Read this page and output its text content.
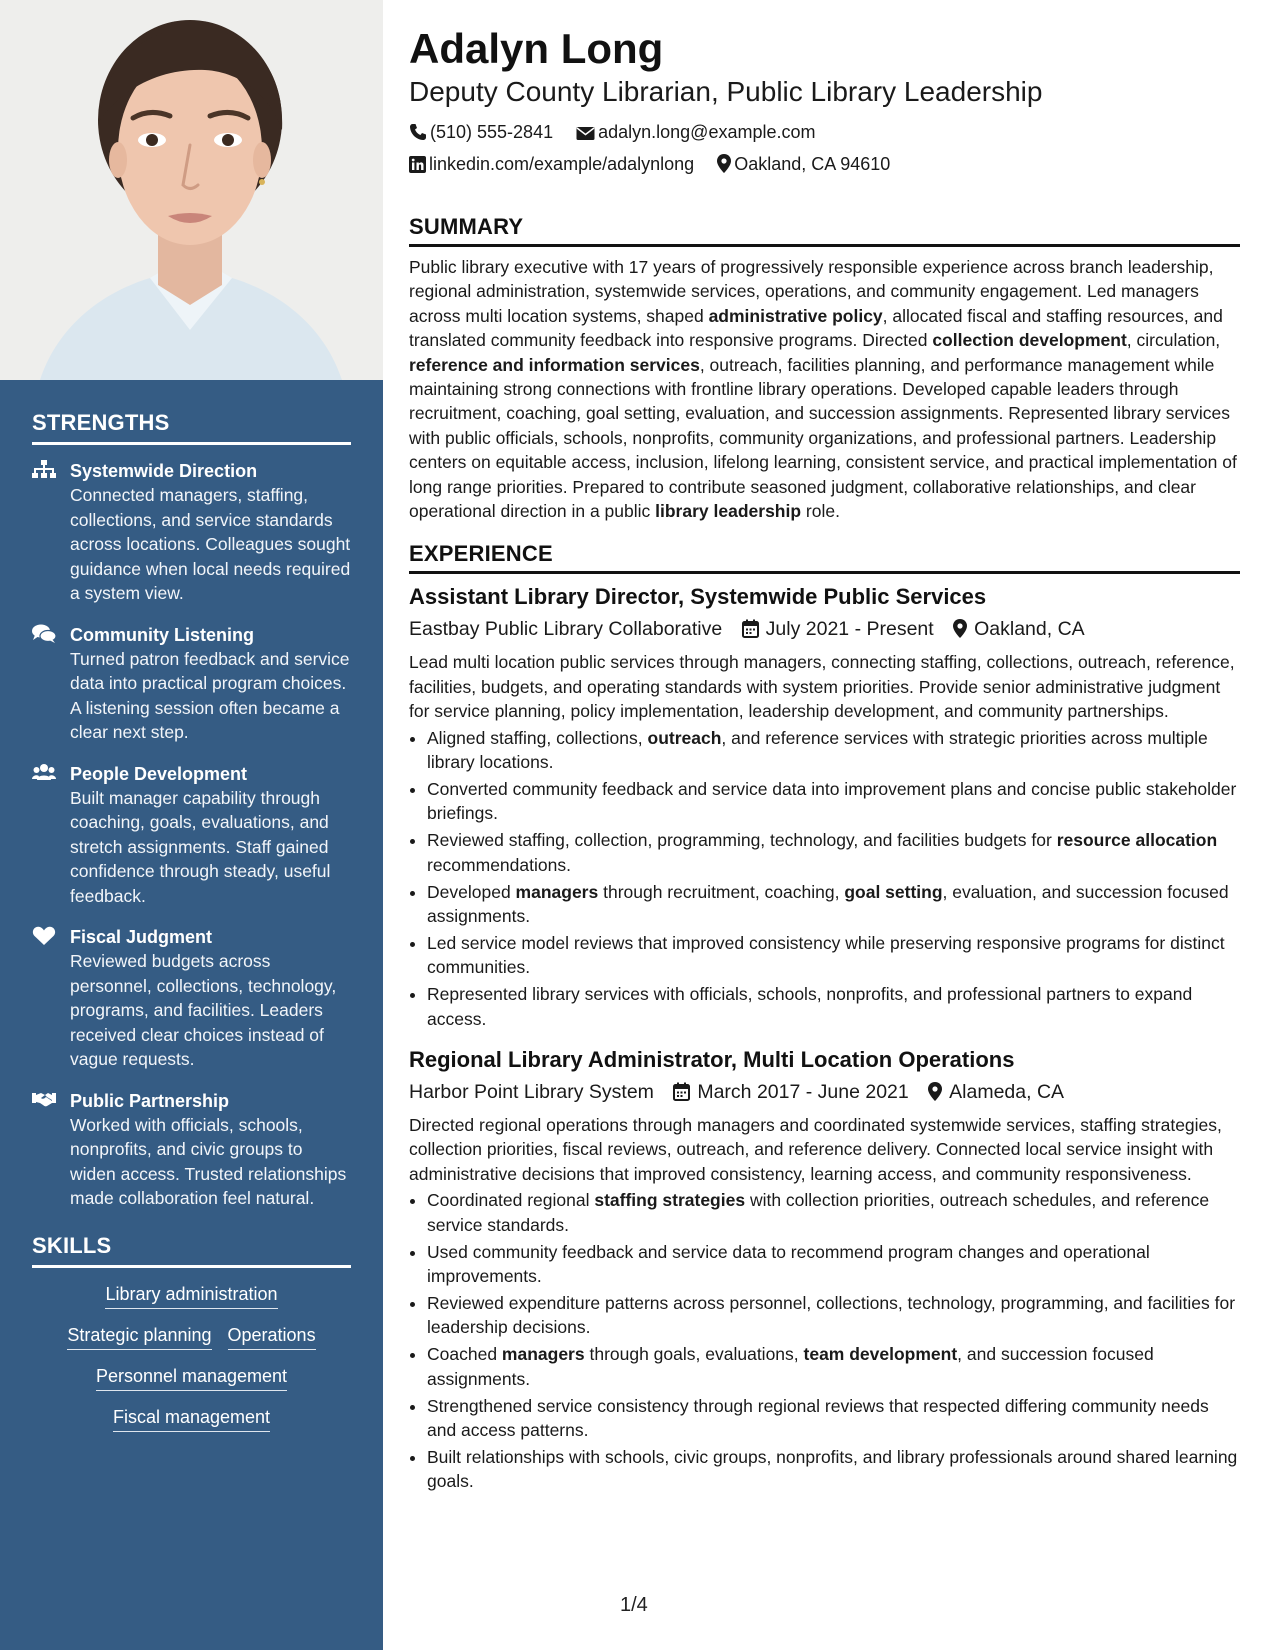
STRENGTHS
Systemwide Direction
Connected managers, staffing, collections, and service standards across locations. Colleagues sought guidance when local needs required a system view.
Community Listening
Turned patron feedback and service data into practical program choices. A listening session often became a clear next step.
People Development
Built manager capability through coaching, goals, evaluations, and stretch assignments. Staff gained confidence through steady, useful feedback.
Fiscal Judgment
Reviewed budgets across personnel, collections, technology, programs, and facilities. Leaders received clear choices instead of vague requests.
Public Partnership
Worked with officials, schools, nonprofits, and civic groups to widen access. Trusted relationships made collaboration feel natural.
SKILLS
Library administration
Strategic planning Operations
Personnel management
Fiscal management
Adalyn Long
Deputy County Librarian, Public Library Leadership
(510) 555-2841	adalyn.long@example.com
linkedin.com/example/adalynlong Oakland, CA 94610
SUMMARY

Public library executive with 17 years of progressively responsible experience across branch leadership, regional administration, systemwide services, operations, and community engagement. Led managers across multi location systems, shaped administrative policy, allocated fiscal and staffing resources, and translated community feedback into responsive programs. Directed collection development, circulation, reference and information services, outreach, facilities planning, and performance management while maintaining strong connections with frontline library operations. Developed capable leaders through recruitment, coaching, goal setting, evaluation, and succession assignments. Represented library services with public officials, schools, nonprofits, community organizations, and professional partners. Leadership centers on equitable access, inclusion, lifelong learning, consistent service, and practical implementation of long range priorities. Prepared to contribute seasoned judgment, collaborative relationships, and clear operational direction in a public library leadership role.

EXPERIENCE
Assistant Library Director, Systemwide Public Services
Eastbay Public Library Collaborative July 2021 - Present Oakland, CA

Lead multi location public services through managers, connecting staffing, collections, outreach, reference, facilities, budgets, and operating standards with system priorities. Provide senior administrative judgment for service planning, policy implementation, leadership development, and community partnerships.

• Aligned staffing, collections, outreach, and reference services with strategic priorities across multiple library locations.
• Converted community feedback and service data into improvement plans and concise public stakeholder briefings.
• Reviewed staffing, collection, programming, technology, and facilities budgets for resource allocation recommendations.
• Developed managers through recruitment, coaching, goal setting, evaluation, and succession focused assignments.
• Led service model reviews that improved consistency while preserving responsive programs for distinct communities.
• Represented library services with officials, schools, nonprofits, and professional partners to expand access.
Regional Library Administrator, Multi Location Operations
Harbor Point Library System March 2017 - June 2021 Alameda, CA

Directed regional operations through managers and coordinated systemwide services, staffing strategies, collection priorities, fiscal reviews, outreach, and reference delivery. Connected local service insight with administrative decisions that improved consistency, learning access, and community responsiveness.

• Coordinated regional staffing strategies with collection priorities, outreach schedules, and reference service standards.
• Used community feedback and service data to recommend program changes and operational improvements.
• Reviewed expenditure patterns across personnel, collections, technology, programming, and facilities for leadership decisions.
• Coached managers through goals, evaluations, team development, and succession focused assignments.
• Strengthened service consistency through regional reviews that respected differing community needs and access patterns.
• Built relationships with schools, civic groups, nonprofits, and library professionals around shared learning goals.
1/4
